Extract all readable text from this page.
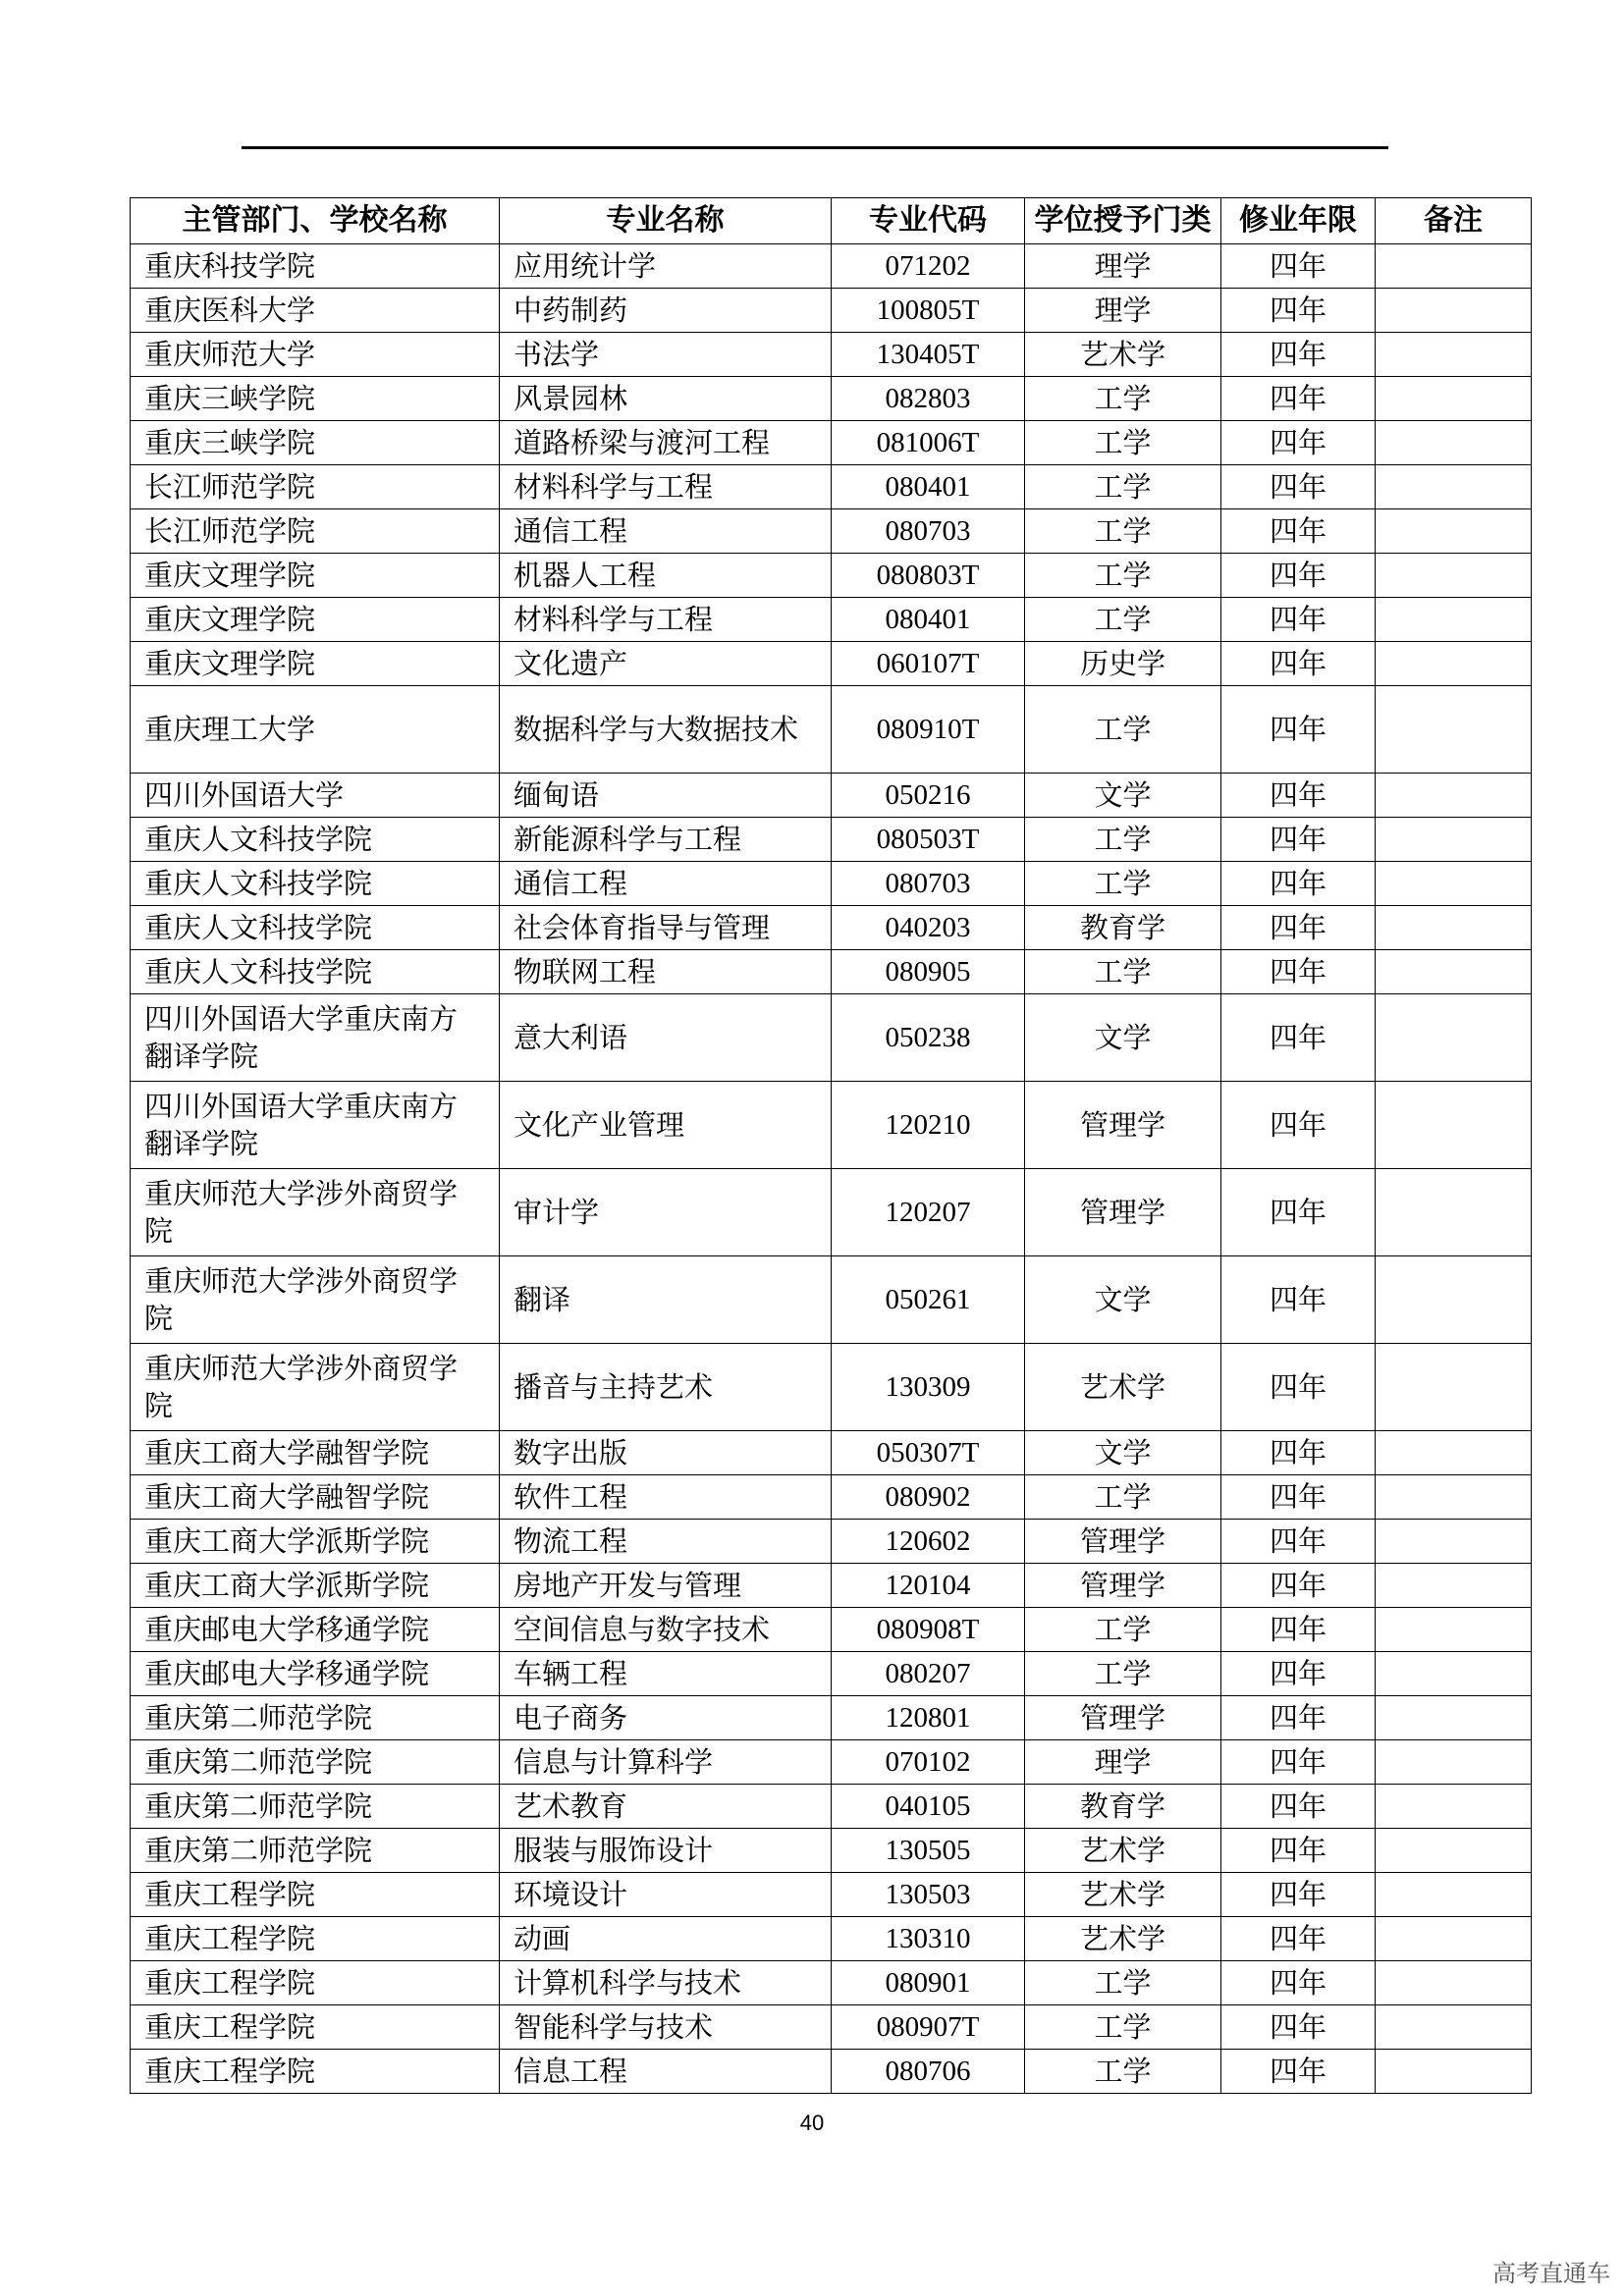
主管部门、学校名称	专业名称	专业代码	学位授予门类	修业年限	备注
重庆科技学院	应用统计学	071202	理学	四年	
重庆医科大学	中药制药	100805T	理学	四年	
重庆师范大学	书法学	130405T	艺术学	四年	
重庆三峡学院	风景园林	082803	工学	四年	
重庆三峡学院	道路桥梁与渡河工程	081006T	工学	四年	
长江师范学院	材料科学与工程	080401	工学	四年	
长江师范学院	通信工程	080703	工学	四年	
重庆文理学院	机器人工程	080803T	工学	四年	
重庆文理学院	材料科学与工程	080401	工学	四年	
重庆文理学院	文化遗产	060107T	历史学	四年	
重庆理工大学	数据科学与大数据技术	080910T	工学	四年	
四川外国语大学	缅甸语	050216	文学	四年	
重庆人文科技学院	新能源科学与工程	080503T	工学	四年	
重庆人文科技学院	通信工程	080703	工学	四年	
重庆人文科技学院	社会体育指导与管理	040203	教育学	四年	
重庆人文科技学院	物联网工程	080905	工学	四年	
四川外国语大学重庆南方翻译学院	意大利语	050238	文学	四年	
四川外国语大学重庆南方翻译学院	文化产业管理	120210	管理学	四年	
重庆师范大学涉外商贸学院	审计学	120207	管理学	四年	
重庆师范大学涉外商贸学院	翻译	050261	文学	四年	
重庆师范大学涉外商贸学院	播音与主持艺术	130309	艺术学	四年	
重庆工商大学融智学院	数字出版	050307T	文学	四年	
重庆工商大学融智学院	软件工程	080902	工学	四年	
重庆工商大学派斯学院	物流工程	120602	管理学	四年	
重庆工商大学派斯学院	房地产开发与管理	120104	管理学	四年	
重庆邮电大学移通学院	空间信息与数字技术	080908T	工学	四年	
重庆邮电大学移通学院	车辆工程	080207	工学	四年	
重庆第二师范学院	电子商务	120801	管理学	四年	
重庆第二师范学院	信息与计算科学	070102	理学	四年	
重庆第二师范学院	艺术教育	040105	教育学	四年	
重庆第二师范学院	服装与服饰设计	130505	艺术学	四年	
重庆工程学院	环境设计	130503	艺术学	四年	
重庆工程学院	动画	130310	艺术学	四年	
重庆工程学院	计算机科学与技术	080901	工学	四年	
重庆工程学院	智能科学与技术	080907T	工学	四年	
重庆工程学院	信息工程	080706	工学	四年	
40
高考直通车
